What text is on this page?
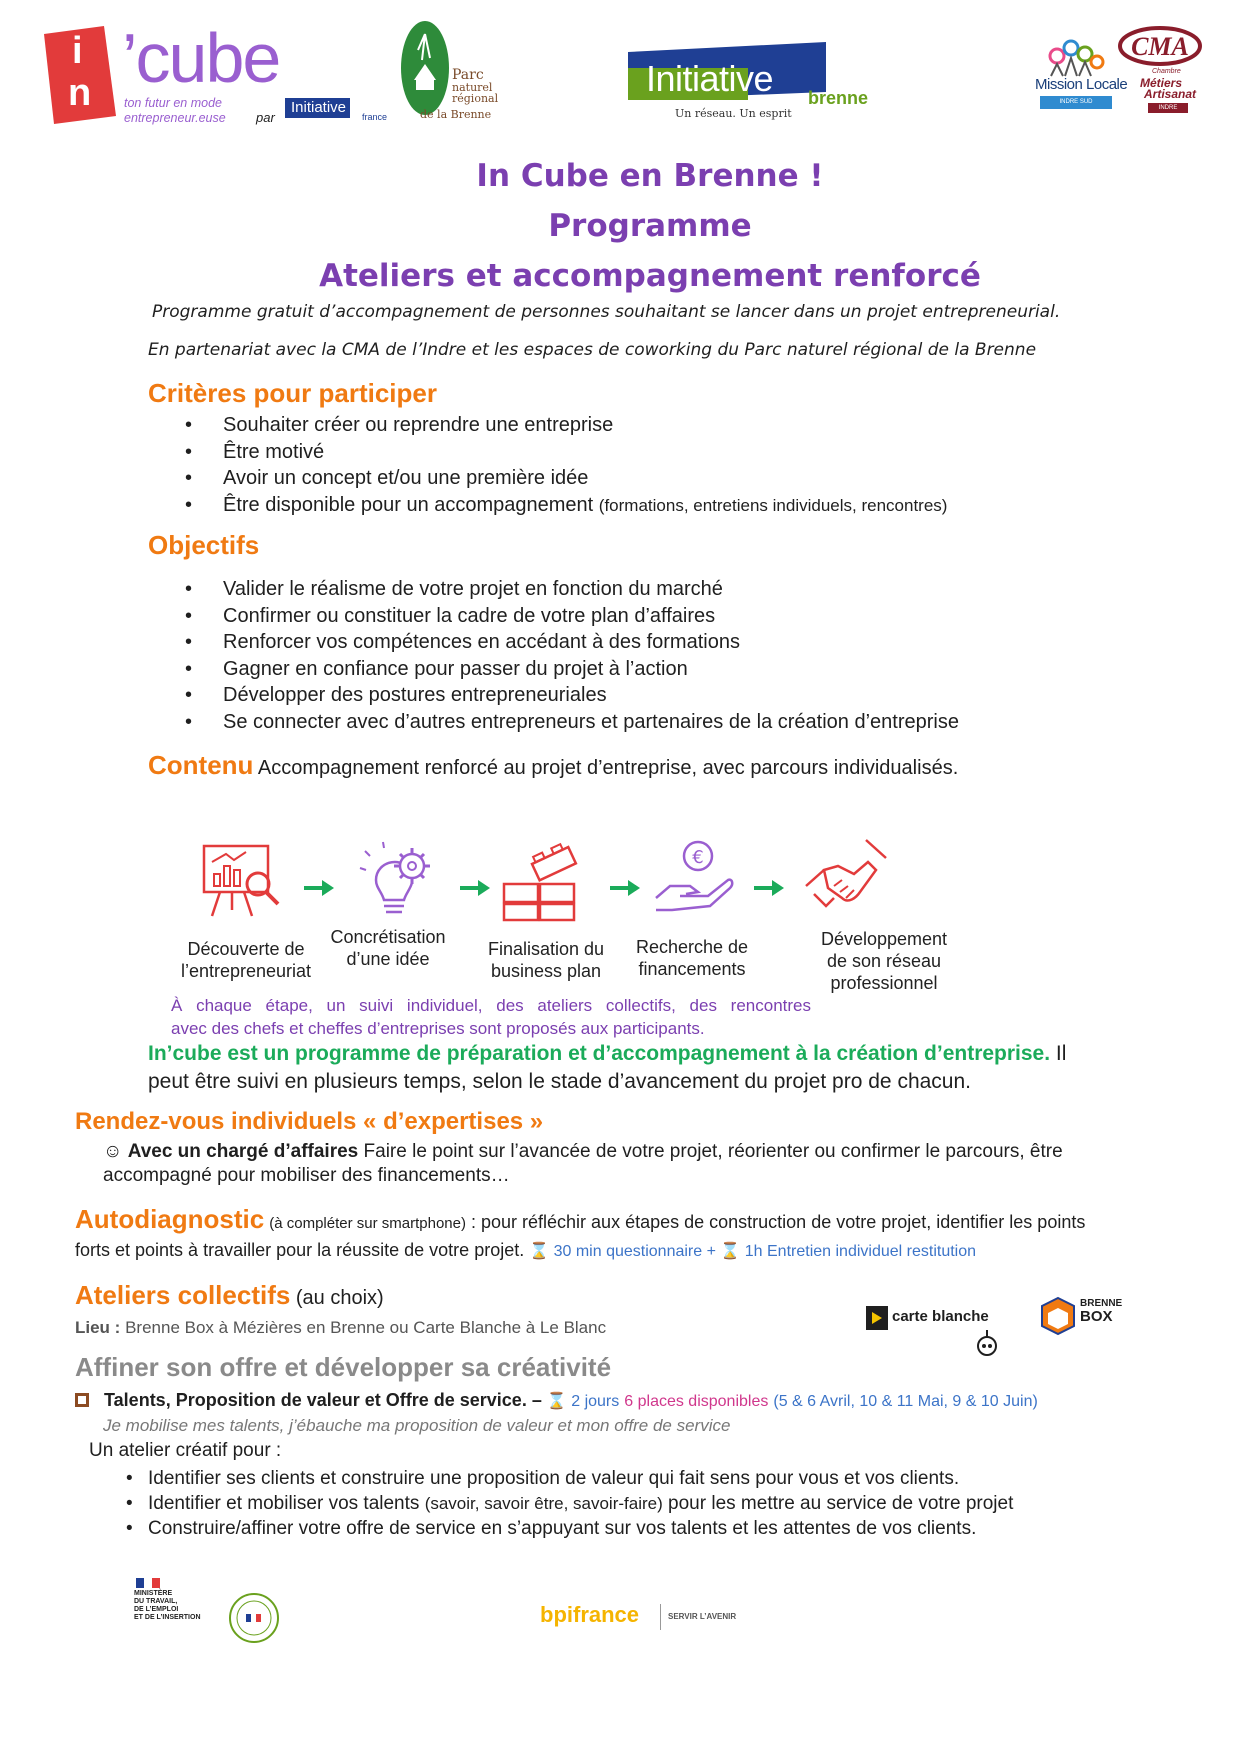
i
n ’cube
ton futur en mode entrepreneur.euse	par
Initiative
france
Parc
naturel
régional
de la Brenne
Initiative brenne
Un réseau. Un esprit
Mission Locale
INDRE SUD
CMA
Chambre
Métiers
Artisanat
INDRE
In Cube en Brenne !
Programme
Ateliers et accompagnement renforcé
Programme gratuit d’accompagnement de personnes souhaitant se lancer dans un projet entrepreneurial.
En partenariat avec la CMA de l’Indre et les espaces de coworking du Parc naturel régional de la Brenne
Critères pour participer
• Souhaiter créer ou reprendre une entreprise
• Être motivé
• Avoir un concept et/ou une première idée
• Être disponible pour un accompagnement (formations, entretiens individuels, rencontres)
Objectifs
• Valider le réalisme de votre projet en fonction du marché
• Confirmer ou constituer la cadre de votre plan d’affaires
• Renforcer vos compétences en accédant à des formations
• Gagner en confiance pour passer du projet à l’action
• Développer des postures entrepreneuriales
• Se connecter avec d’autres entrepreneurs et partenaires de la création d’entreprise
Contenu Accompagnement renforcé au projet d’entreprise, avec parcours individualisés.
€
Découverte de
l’entrepreneuriat
Concrétisation
d’une idée	Finalisation du
business plan
Recherche de
financements
Développement
de son réseau
professionnel
À chaque étape, un suivi individuel, des ateliers collectifs, des rencontres
avec des chefs et cheffes d’entreprises sont proposés aux participants.
In’cube est un programme de préparation et d’accompagnement à la création d’entreprise. Il
peut être suivi en plusieurs temps, selon le stade d’avancement du projet pro de chacun.
Rendez-vous individuels « d’expertises »
☺ Avec un chargé d’affaires Faire le point sur l’avancée de votre projet, réorienter ou confirmer le parcours, être
accompagné pour mobiliser des financements…
Autodiagnostic (à compléter sur smartphone) : pour réfléchir aux étapes de construction de votre projet, identifier les points
forts et points à travailler pour la réussite de votre projet. ⌛ 30 min questionnaire + ⌛ 1h Entretien individuel restitution
Ateliers collectifs (au choix)
Lieu : Brenne Box à Mézières en Brenne ou Carte Blanche à Le Blanc
carte blanche
BRENNE
BOX
Affiner son offre et développer sa créativité
Talents, Proposition de valeur et Offre de service. – ⌛ 2 jours 6 places disponibles (5 & 6 Avril, 10 & 11 Mai, 9 & 10 Juin)
Je mobilise mes talents, j’ébauche ma proposition de valeur et mon offre de service
Un atelier créatif pour :
• Identifier ses clients et construire une proposition de valeur qui fait sens pour vous et vos clients.
• Identifier et mobiliser vos talents (savoir, savoir être, savoir-faire) pour les mettre au service de votre projet
• Construire/affiner votre offre de service en s’appuyant sur vos talents et les attentes de vos clients.
MINISTÈRE
DU TRAVAIL,
DE L’EMPLOI
ET DE L’INSERTION	bpifrance	SERVIR L’AVENIR
